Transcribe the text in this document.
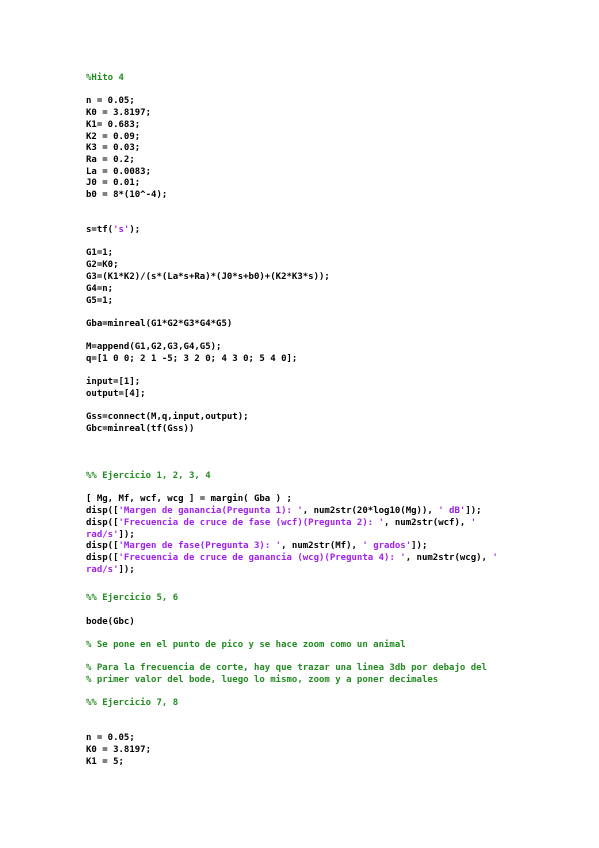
%Hito 4
n = 0.05;
K0 = 3.8197;
K1= 0.683;
K2 = 0.09;
K3 = 0.03;
Ra = 0.2;
La = 0.0083;
J0 = 0.01;
b0 = 8*(10^-4);
s=tf('s');
G1=1;
G2=K0;
G3=(K1*K2)/(s*(La*s+Ra)*(J0*s+b0)+(K2*K3*s));
G4=n;
G5=1;
Gba=minreal(G1*G2*G3*G4*G5)
M=append(G1,G2,G3,G4,G5);
q=[1 0 0; 2 1 -5; 3 2 0; 4 3 0; 5 4 0];
input=[1];
output=[4];
Gss=connect(M,q,input,output);
Gbc=minreal(tf(Gss))
%% Ejercicio 1, 2, 3, 4
[ Mg, Mf, wcf, wcg ] = margin( Gba ) ;
disp(['Margen de ganancia(Pregunta 1): ', num2str(20*log10(Mg)), ' dB']);
disp(['Frecuencia de cruce de fase (wcf)(Pregunta 2): ', num2str(wcf), '
rad/s']);
disp(['Margen de fase(Pregunta 3): ', num2str(Mf), ' grados']);
disp(['Frecuencia de cruce de ganancia (wcg)(Pregunta 4): ', num2str(wcg), '
rad/s']);
%% Ejercicio 5, 6
bode(Gbc)
% Se pone en el punto de pico y se hace zoom como un animal
% Para la frecuencia de corte, hay que trazar una linea 3db por debajo del
% primer valor del bode, luego lo mismo, zoom y a poner decimales
%% Ejercicio 7, 8
n = 0.05;
K0 = 3.8197;
K1 = 5;
